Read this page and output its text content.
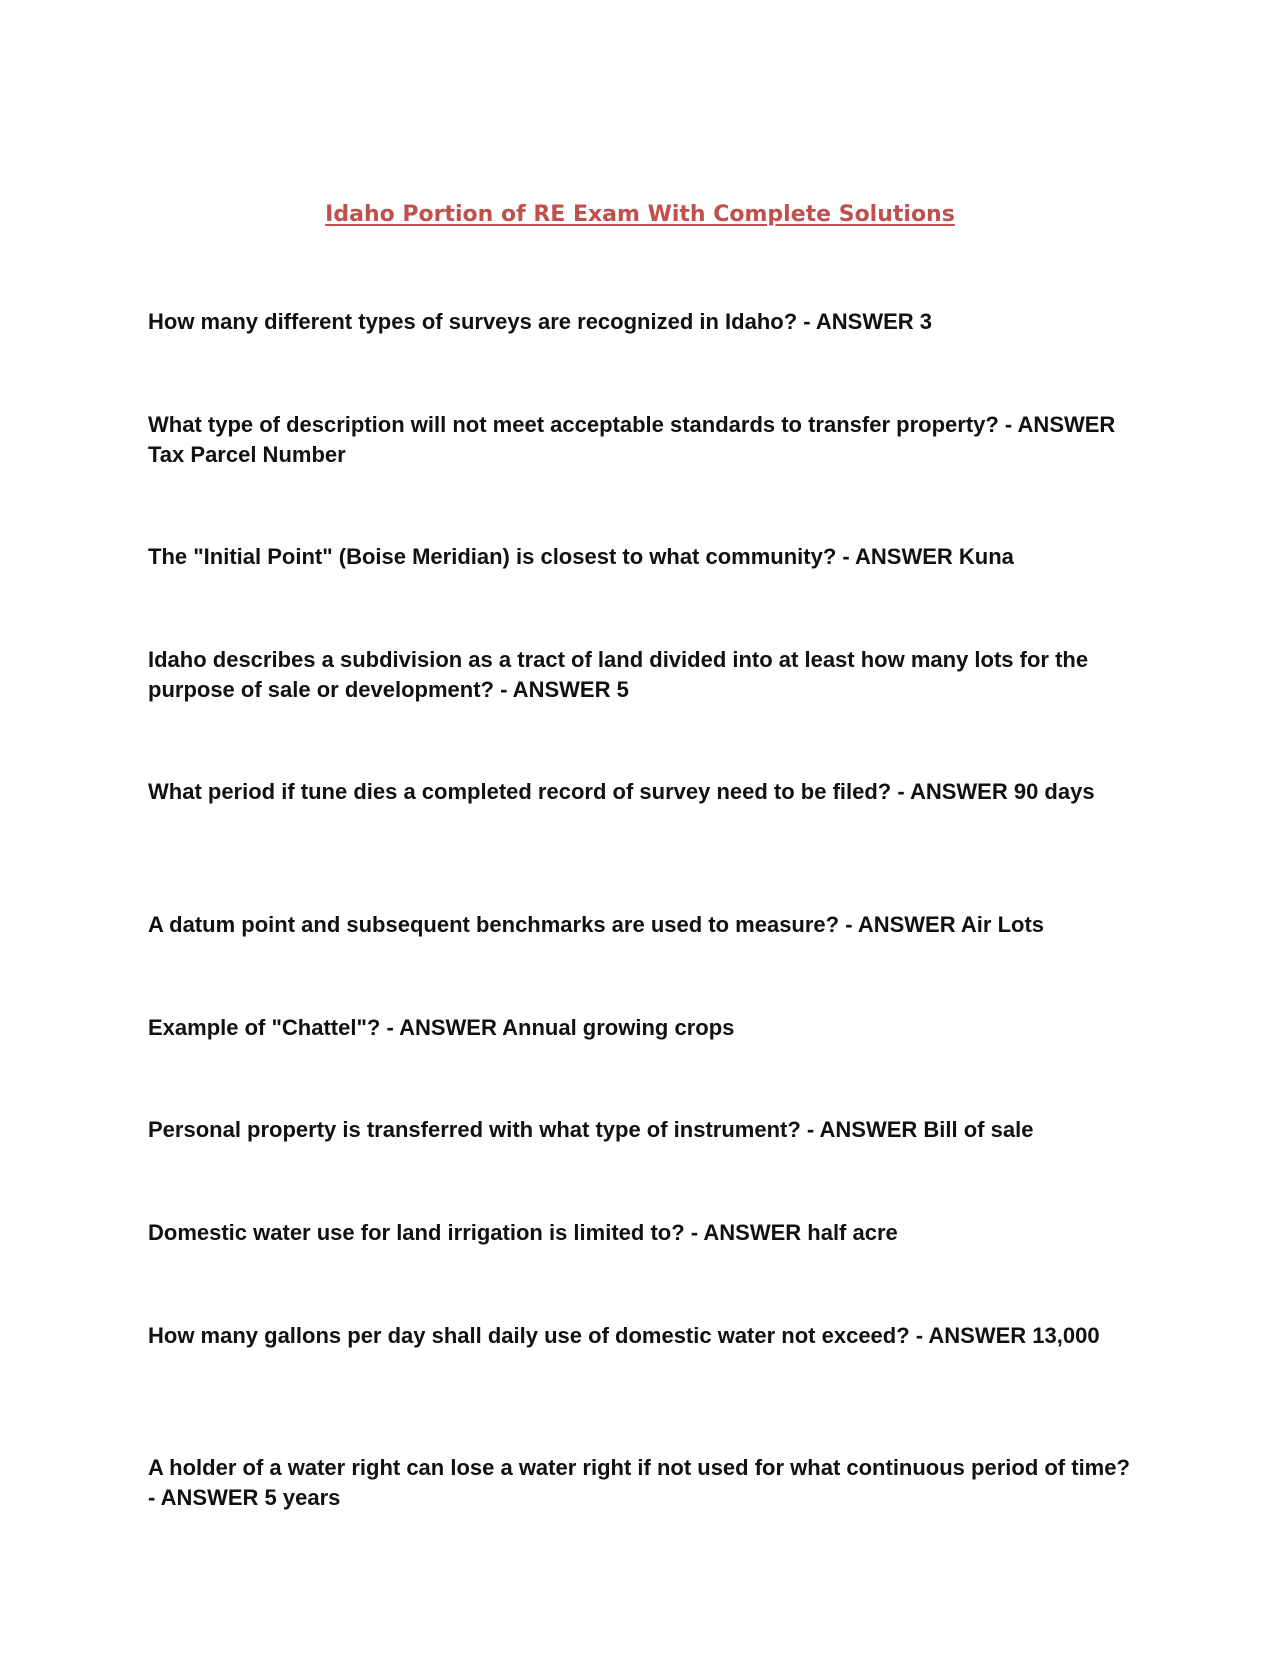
Idaho Portion of RE Exam With Complete Solutions

How many different types of surveys are recognized in Idaho? - ANSWER 3

What type of description will not meet acceptable standards to transfer property? - ANSWER Tax Parcel Number

The "Initial Point" (Boise Meridian) is closest to what community? - ANSWER Kuna

Idaho describes a subdivision as a tract of land divided into at least how many lots for the purpose of sale or development? - ANSWER 5

What period if tune dies a completed record of survey need to be filed? - ANSWER 90 days

A datum point and subsequent benchmarks are used to measure? - ANSWER Air Lots

Example of "Chattel"? - ANSWER Annual growing crops

Personal property is transferred with what type of instrument? - ANSWER Bill of sale

Domestic water use for land irrigation is limited to? - ANSWER half acre

How many gallons per day shall daily use of domestic water not exceed? - ANSWER 13,000

A holder of a water right can lose a water right if not used for what continuous period of time? - ANSWER 5 years
